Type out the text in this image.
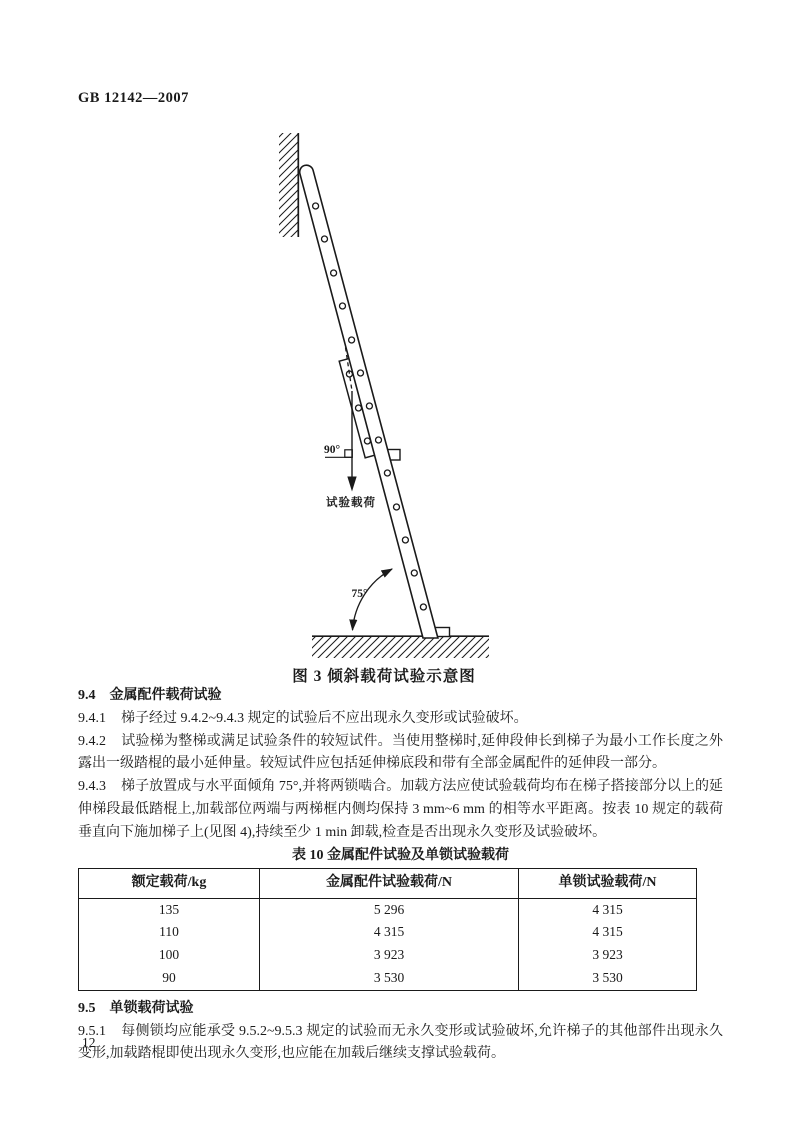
GB 12142—2007
90°
试验载荷
75°
图 3 倾斜载荷试验示意图
9.4 金属配件载荷试验
9.4.1 梯子经过 9.4.2~9.4.3 规定的试验后不应出现永久变形或试验破坏。
9.4.2 试验梯为整梯或满足试验条件的较短试件。当使用整梯时,延伸段伸长到梯子为最小工作长度之外露出一级踏棍的最小延伸量。较短试件应包括延伸梯底段和带有全部金属配件的延伸段一部分。
9.4.3 梯子放置成与水平面倾角 75°,并将两锁啮合。加载方法应使试验载荷均布在梯子搭接部分以上的延伸梯段最低踏棍上,加载部位两端与两梯框内侧均保持 3 mm~6 mm 的相等水平距离。按表 10 规定的载荷垂直向下施加梯子上(见图 4),持续至少 1 min 卸载,检查是否出现永久变形及试验破坏。
表 10 金属配件试验及单锁试验载荷
额定载荷/kg	金属配件试验载荷/N	单锁试验载荷/N
135	5 296	4 315
110	4 315	4 315
100	3 923	3 923
90	3 530	3 530
9.5 单锁载荷试验
9.5.1 每侧锁均应能承受 9.5.2~9.5.3 规定的试验而无永久变形或试验破坏,允许梯子的其他部件出现永久变形,加载踏棍即使出现永久变形,也应能在加载后继续支撑试验载荷。
12
